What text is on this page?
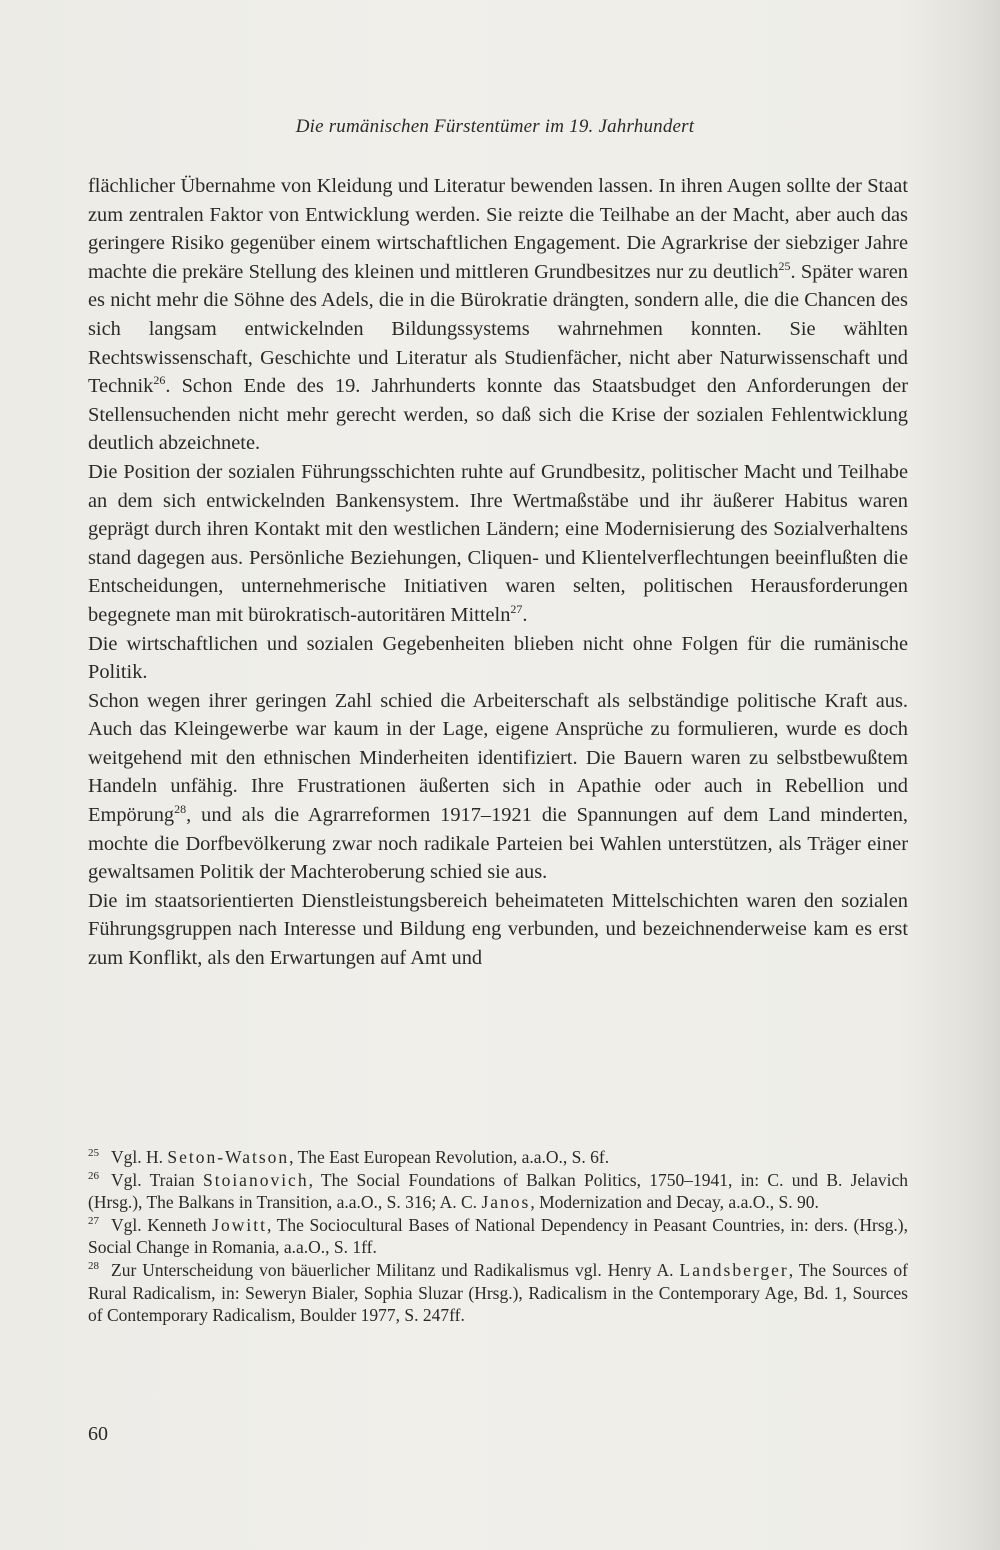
Die rumänischen Fürstentümer im 19. Jahrhundert

flächlicher Übernahme von Kleidung und Literatur bewenden lassen. In ihren Augen sollte der Staat zum zentralen Faktor von Entwicklung werden. Sie reizte die Teilhabe an der Macht, aber auch das geringere Risiko gegenüber einem wirtschaftlichen Engagement. Die Agrarkrise der siebziger Jahre machte die prekäre Stellung des kleinen und mittleren Grundbesitzes nur zu deutlich$^{25}$. Später waren es nicht mehr die Söhne des Adels, die in die Bürokratie drängten, sondern alle, die die Chancen des sich langsam entwickelnden Bildungssystems wahrnehmen konnten. Sie wählten Rechtswissenschaft, Geschichte und Literatur als Studienfächer, nicht aber Naturwissenschaft und Technik$^{26}$. Schon Ende des 19. Jahrhunderts konnte das Staatsbudget den Anforderungen der Stellensuchenden nicht mehr gerecht werden, so daß sich die Krise der sozialen Fehlentwicklung deutlich abzeichnete.

Die Position der sozialen Führungsschichten ruhte auf Grundbesitz, politischer Macht und Teilhabe an dem sich entwickelnden Bankensystem. Ihre Wertmaßstäbe und ihr äußerer Habitus waren geprägt durch ihren Kontakt mit den westlichen Ländern; eine Modernisierung des Sozialverhaltens stand dagegen aus. Persönliche Beziehungen, Cliquen- und Klientelverflechtungen beeinflußten die Entscheidungen, unternehmerische Initiativen waren selten, politischen Herausforderungen begegnete man mit bürokratisch-autoritären Mitteln$^{27}$.

Die wirtschaftlichen und sozialen Gegebenheiten blieben nicht ohne Folgen für die rumänische Politik.

Schon wegen ihrer geringen Zahl schied die Arbeiterschaft als selbständige politische Kraft aus. Auch das Kleingewerbe war kaum in der Lage, eigene Ansprüche zu formulieren, wurde es doch weitgehend mit den ethnischen Minderheiten identifiziert. Die Bauern waren zu selbstbewußtem Handeln unfähig. Ihre Frustrationen äußerten sich in Apathie oder auch in Rebellion und Empörung$^{28}$, und als die Agrarreformen 1917–1921 die Spannungen auf dem Land minderten, mochte die Dorfbevölkerung zwar noch radikale Parteien bei Wahlen unterstützen, als Träger einer gewaltsamen Politik der Machteroberung schied sie aus.

Die im staatsorientierten Dienstleistungsbereich beheimateten Mittelschichten waren den sozialen Führungsgruppen nach Interesse und Bildung eng verbunden, und bezeichnenderweise kam es erst zum Konflikt, als den Erwartungen auf Amt und

$^{25}$ Vgl. H. Seton-Watson, The East European Revolution, a.a.O., S. 6f.

$^{26}$ Vgl. Traian Stoianovich, The Social Foundations of Balkan Politics, 1750–1941, in: C. und B. Jelavich (Hrsg.), The Balkans in Transition, a.a.O., S. 316; A. C. Janos, Modernization and Decay, a.a.O., S. 90.

$^{27}$ Vgl. Kenneth Jowitt, The Sociocultural Bases of National Dependency in Peasant Countries, in: ders. (Hrsg.), Social Change in Romania, a.a.O., S. 1ff.

$^{28}$ Zur Unterscheidung von bäuerlicher Militanz und Radikalismus vgl. Henry A. Landsberger, The Sources of Rural Radicalism, in: Seweryn Bialer, Sophia Sluzar (Hrsg.), Radicalism in the Contemporary Age, Bd. 1, Sources of Contemporary Radicalism, Boulder 1977, S. 247ff.

60
